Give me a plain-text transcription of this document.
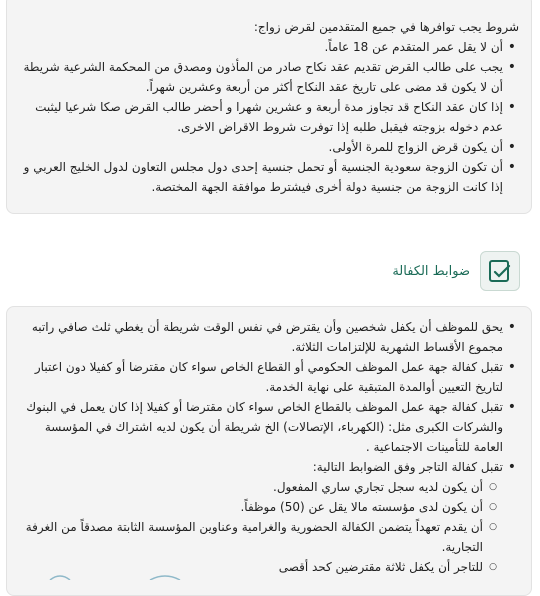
شروط يجب توافرها في جميع المتقدمين لقرض زواج:

• أن لا يقل عمر المتقدم عن 18 عاماً.
• يجب على طالب القرض تقديم عقد نكاح صادر من المأذون ومصدق من المحكمة الشرعية شريطة أن لا يكون قد مضى على تاريخ عقد النكاح أكثر من أربعة وعشرين شهراً.
• إذا كان عقد النكاح قد تجاوز مدة أربعة و عشرين شهرا و أحضر طالب القرض صكا شرعيا ليثبت عدم دخوله بزوجته فيقبل طلبه إذا توفرت شروط الاقراض الاخرى.
• أن يكون قرض الزواج للمرة الأولى.
• أن تكون الزوجة سعودية الجنسية أو تحمل جنسية إحدى دول مجلس التعاون لدول الخليج العربي و إذا كانت الزوجة من جنسية دولة أخرى فيشترط موافقة الجهة المختصة.
ضوابط الكفالة
• يحق للموظف أن يكفل شخصين وأن يقترض في نفس الوقت شريطة أن يغطي ثلث صافي راتبه مجموع الأقساط الشهرية للإلتزامات الثلاثة.
• تقبل كفالة جهة عمل الموظف الحكومي أو القطاع الخاص سواء كان مقترضا أو كفيلا دون اعتبار لتاريخ التعيين أوالمدة المتبقية على نهاية الخدمة.
• تقبل كفالة جهة عمل الموظف بالقطاع الخاص سواء كان مقترضا أو كفيلا إذا كان يعمل في البنوك والشركات الكبرى مثل: (الكهرباء، الإتصالات) الخ شريطة أن يكون لديه اشتراك في المؤسسة العامة للتأمينات الاجتماعية .
• تقبل كفالة التاجر وفق الضوابط التالية:
○ أن يكون لديه سجل تجاري ساري المفعول.
○ أن يكون لدى مؤسسته مالا يقل عن (50) موظفاً.
○ أن يقدم تعهداً يتضمن الكفالة الحضورية والغرامية وعناوين المؤسسة الثابتة مصدقاً من الغرفة التجارية.
○ للتاجر أن يكفل ثلاثة مقترضين كحد أقصى
